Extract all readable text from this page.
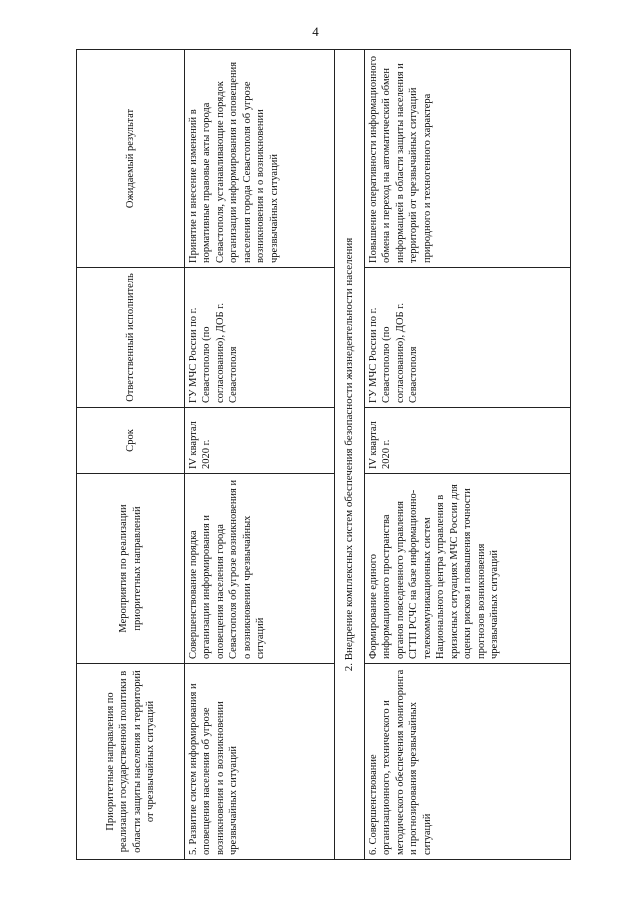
4
Приоритетные направления по реализации государственной политики в области защиты населения и территорий от чрезвычайных ситуаций	Мероприятия по реализации приоритетных направлений	Срок	Ответственный исполнитель	Ожидаемый результат
5. Развитие систем информирования и оповещения населения об угрозе возникновения и о возникновении чрезвычайных ситуаций	Совершенствование порядка организации информирования и оповещения населения города Севастополя об угрозе возникновения и о возникновении чрезвычайных ситуаций	IV квартал 2020 г.	ГУ МЧС России по г. Севастополю (по согласованию), ДОБ г. Севастополя	Принятие и внесение изменений в нормативные правовые акты города Севастополя, устанавливающие порядок организации информирования и оповещения населения города Севастополя об угрозе возникновения и о возникновении чрезвычайных ситуаций
2. Внедрение комплексных систем обеспечения безопасности жизнедеятельности населения				
6. Совершенствование организационного, технического и методического обеспечения мониторинга и прогнозирования чрезвычайных ситуаций	Формирование единого информационного пространства органов повседневного управления СГТП РСЧС на базе информационно-телекоммуникационных систем Национального центра управления в кризисных ситуациях МЧС России для оценки рисков и повышения точности прогнозов возникновения чрезвычайных ситуаций	IV квартал 2020 г.	ГУ МЧС России по г. Севастополю (по согласованию), ДОБ г. Севастополя	Повышение оперативности информационного обмена и переход на автоматический обмен информацией в области защиты населения и территорий от чрезвычайных ситуаций природного и техногенного характера
